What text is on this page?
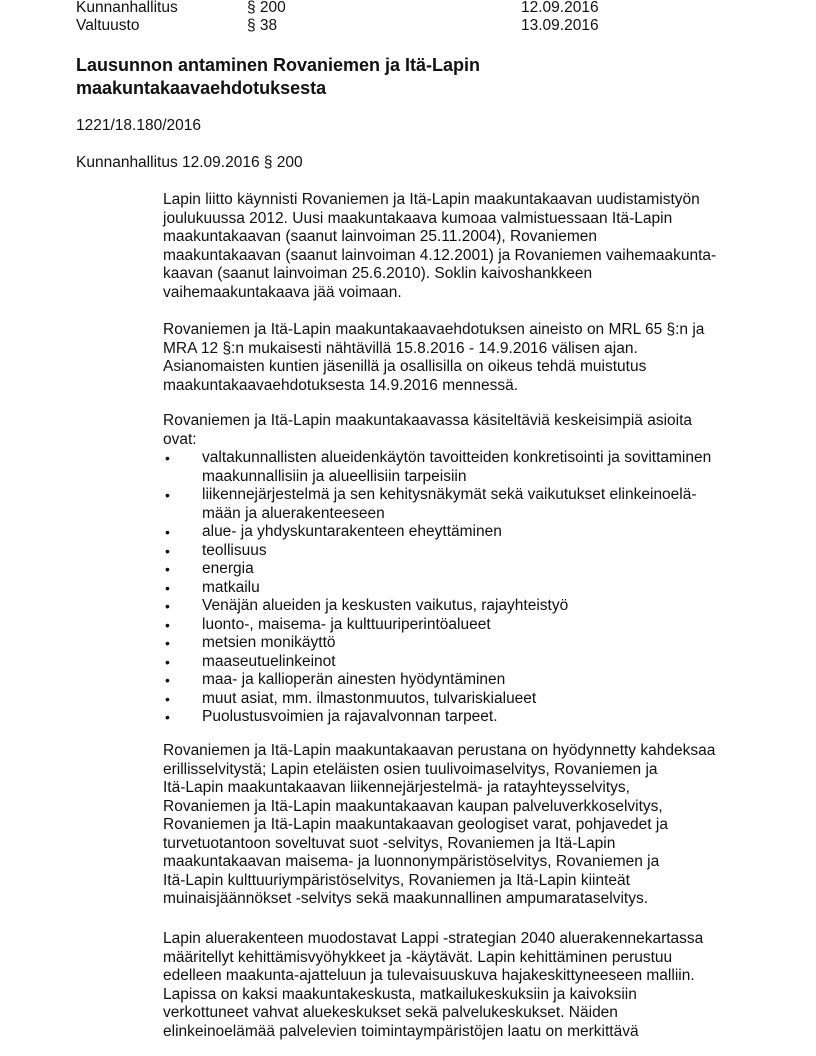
Kunnanhallitus	§ 200	12.09.2016
Valtuusto	§ 38	13.09.2016
Lausunnon antaminen Rovaniemen ja Itä-Lapin
maakuntakaavaehdotuksesta
1221/18.180/2016
Kunnanhallitus 12.09.2016 § 200
Lapin liitto käynnisti Rovaniemen ja Itä-Lapin maakuntakaavan uudistamistyön
joulukuussa 2012. Uusi maakuntakaava kumoaa valmistuessaan Itä-Lapin
maakuntakaavan (saanut lainvoiman 25.11.2004), Rovaniemen
maakuntakaavan (saanut lainvoiman 4.12.2001) ja Rovaniemen vaihemaakunta-
kaavan (saanut lainvoiman 25.6.2010). Soklin kaivoshankkeen
vaihemaakuntakaava jää voimaan.
Rovaniemen ja Itä-Lapin maakuntakaavaehdotuksen aineisto on MRL 65 §:n ja
MRA 12 §:n mukaisesti nähtävillä 15.8.2016 - 14.9.2016 välisen ajan.
Asianomaisten kuntien jäsenillä ja osallisilla on oikeus tehdä muistutus
maakuntakaavaehdotuksesta 14.9.2016 mennessä.
Rovaniemen ja Itä-Lapin maakuntakaavassa käsiteltäviä keskeisimpiä asioita
ovat:
• valtakunnallisten alueidenkäytön tavoitteiden konkretisointi ja sovittaminen
maakunnallisiin ja alueellisiin tarpeisiin
• liikennejärjestelmä ja sen kehitysnäkymät sekä vaikutukset elinkeinoelä-
mään ja aluerakenteeseen
• alue- ja yhdyskuntarakenteen eheyttäminen
• teollisuus
• energia
• matkailu
• Venäjän alueiden ja keskusten vaikutus, rajayhteistyö
• luonto-, maisema- ja kulttuuriperintöalueet
• metsien monikäyttö
• maaseutuelinkeinot
• maa- ja kallioperän ainesten hyödyntäminen
• muut asiat, mm. ilmastonmuutos, tulvariskialueet
• Puolustusvoimien ja rajavalvonnan tarpeet.
Rovaniemen ja Itä-Lapin maakuntakaavan perustana on hyödynnetty kahdeksaa
erillisselvitystä; Lapin eteläisten osien tuulivoimaselvitys, Rovaniemen ja
Itä-Lapin maakuntakaavan liikennejärjestelmä- ja ratayhteysselvitys,
Rovaniemen ja Itä-Lapin maakuntakaavan kaupan palveluverkkoselvitys,
Rovaniemen ja Itä-Lapin maakuntakaavan geologiset varat, pohjavedet ja
turvetuotantoon soveltuvat suot -selvitys, Rovaniemen ja Itä-Lapin
maakuntakaavan maisema- ja luonnonympäristöselvitys, Rovaniemen ja
Itä-Lapin kulttuuriympäristöselvitys, Rovaniemen ja Itä-Lapin kiinteät
muinaisjäännökset -selvitys sekä maakunnallinen ampumarataselvitys.
Lapin aluerakenteen muodostavat Lappi -strategian 2040 aluerakennekartassa
määritellyt kehittämisvyöhykkeet ja -käytävät. Lapin kehittäminen perustuu
edelleen maakunta-ajatteluun ja tulevaisuuskuva hajakeskittyneeseen malliin.
Lapissa on kaksi maakuntakeskusta, matkailukeskuksiin ja kaivoksiin
verkottuneet vahvat aluekeskukset sekä palvelukeskukset. Näiden
elinkeinoelämää palvelevien toimintaympäristöjen laatu on merkittävä
